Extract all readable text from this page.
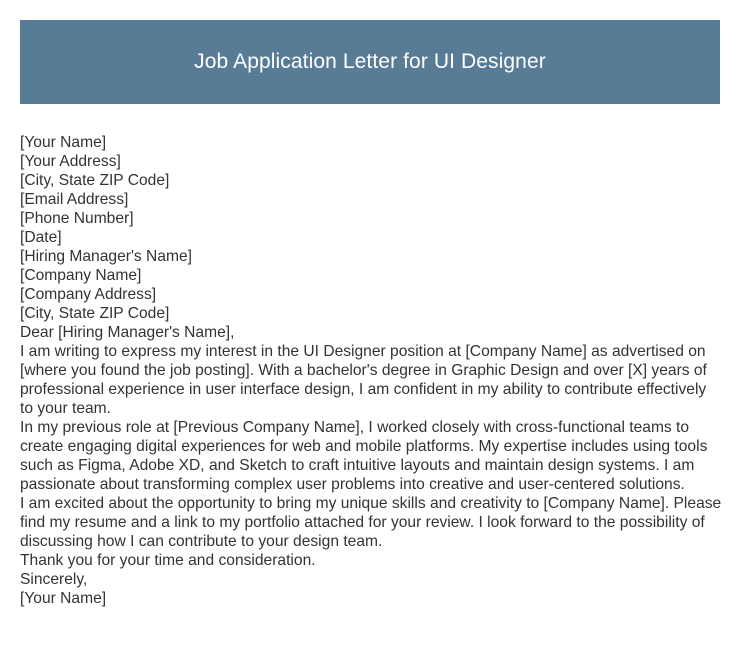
Job Application Letter for UI Designer
[Your Name]
[Your Address]
[City, State ZIP Code]
[Email Address]
[Phone Number]
[Date]
[Hiring Manager's Name]
[Company Name]
[Company Address]
[City, State ZIP Code]
Dear [Hiring Manager's Name],
I am writing to express my interest in the UI Designer position at [Company Name] as advertised on [where you found the job posting]. With a bachelor's degree in Graphic Design and over [X] years of professional experience in user interface design, I am confident in my ability to contribute effectively to your team.
In my previous role at [Previous Company Name], I worked closely with cross-functional teams to create engaging digital experiences for web and mobile platforms. My expertise includes using tools such as Figma, Adobe XD, and Sketch to craft intuitive layouts and maintain design systems. I am passionate about transforming complex user problems into creative and user-centered solutions.
I am excited about the opportunity to bring my unique skills and creativity to [Company Name]. Please find my resume and a link to my portfolio attached for your review. I look forward to the possibility of discussing how I can contribute to your design team.
Thank you for your time and consideration.
Sincerely,
[Your Name]
